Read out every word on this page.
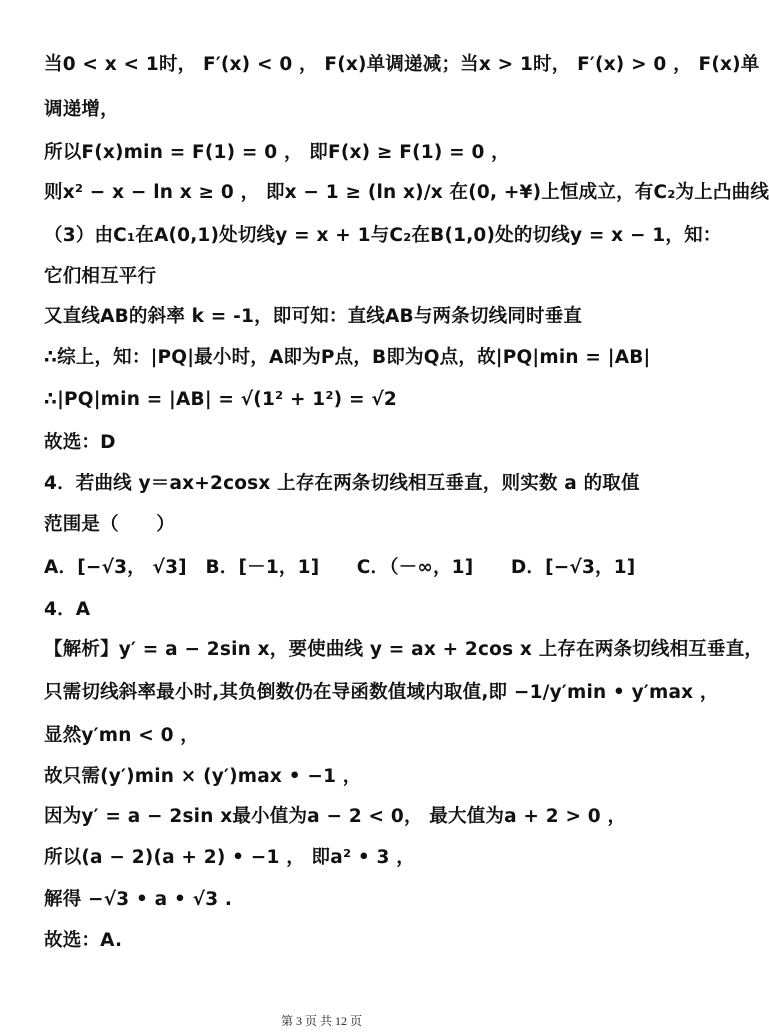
当0 < x < 1时， F′(x) < 0 ， F(x)单调递减；当x > 1时， F′(x) > 0 ， F(x)单
调递增，
所以F(x)min = F(1) = 0 ， 即F(x) ≥ F(1) = 0 ，
则x² − x − ln x ≥ 0 ， 即x − 1 ≥ (ln x)/x 在(0, +¥)上恒成立，有C₂为上凸曲线
（3）由C₁在A(0,1)处切线y = x + 1与C₂在B(1,0)处的切线y = x − 1，知：
它们相互平行
又直线AB的斜率 k = -1，即可知：直线AB与两条切线同时垂直
∴综上，知：|PQ|最小时，A即为P点，B即为Q点，故|PQ|min = |AB|
∴|PQ|min = |AB| = √(1² + 1²) = √2
故选：D
4．若曲线 y＝ax+2cosx 上存在两条切线相互垂直，则实数 a 的取值
范围是（　　）
A．[−√3， √3]　B．[－1，1]　　C．（－∞，1]　　D．[−√3，1]
4．A
【解析】y′ = a − 2sin x，要使曲线 y = ax + 2cos x 上存在两条切线相互垂直，
只需切线斜率最小时,其负倒数仍在导函数值域内取值,即 −1/y′min • y′max ，
显然y′mn < 0 ，
故只需(y′)min × (y′)max • −1 ，
因为y′ = a − 2sin x最小值为a − 2 < 0， 最大值为a + 2 > 0 ，
所以(a − 2)(a + 2) • −1 ， 即a² • 3 ，
解得 −√3 • a • √3 .
故选：A.
第 3 页 共 12 页
